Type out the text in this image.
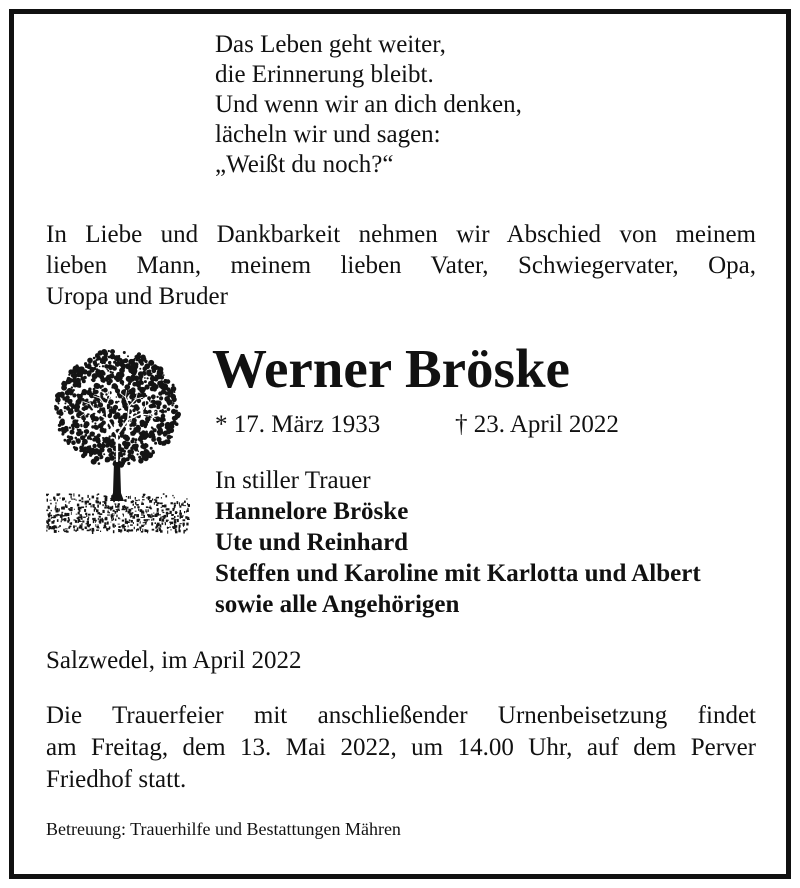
Das Leben geht weiter,
die Erinnerung bleibt.
Und wenn wir an dich denken,
lächeln wir und sagen:
„Weißt du noch?“
In Liebe und Dankbarkeit nehmen wir Abschied von meinem
lieben Mann, meinem lieben Vater, Schwiegervater, Opa,
Uropa und Bruder
Werner Bröske
* 17. März 1933	† 23. April 2022
In stiller Trauer
Hannelore Bröske
Ute und Reinhard
Steffen und Karoline mit Karlotta und Albert
sowie alle Angehörigen
Salzwedel, im April 2022
Die Trauerfeier mit anschließender Urnenbeisetzung findet
am Freitag, dem 13. Mai 2022, um 14.00 Uhr, auf dem Perver
Friedhof statt.
Betreuung: Trauerhilfe und Bestattungen Mähren
